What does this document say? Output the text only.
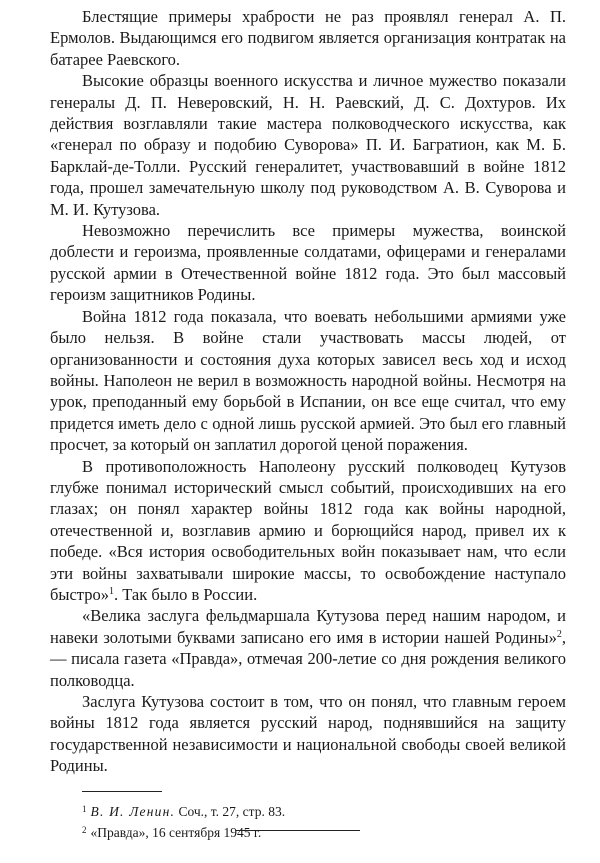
Блестящие примеры храбрости не раз проявлял генерал А. П. Ермолов. Выдающимся его подвигом является организация контратак на батарее Раевского.

Высокие образцы военного искусства и личное мужество показали генералы Д. П. Неверовский, Н. Н. Раевский, Д. С. Дохтуров. Их действия возглавляли такие мастера полководческого искусства, как «генерал по образу и подобию Суворова» П. И. Багратион, как М. Б. Барклай-де-Толли. Русский генералитет, участвовавший в войне 1812 года, прошел замечательную школу под руководством А. В. Суворова и М. И. Кутузова.

Невозможно перечислить все примеры мужества, воинской доблести и героизма, проявленные солдатами, офицерами и генералами русской армии в Отечественной войне 1812 года. Это был массовый героизм защитников Родины.

Война 1812 года показала, что воевать небольшими армиями уже было нельзя. В войне стали участвовать массы людей, от организованности и состояния духа которых зависел весь ход и исход войны. Наполеон не верил в возможность народной войны. Несмотря на урок, преподанный ему борьбой в Испании, он все еще считал, что ему придется иметь дело с одной лишь русской армией. Это был его главный просчет, за который он заплатил дорогой ценой поражения.

В противоположность Наполеону русский полководец Кутузов глубже понимал исторический смысл событий, происходивших на его глазах; он понял характер войны 1812 года как войны народной, отечественной и, возглавив армию и борющийся народ, привел их к победе. «Вся история освободительных войн показывает нам, что если эти войны захватывали широкие массы, то освобождение наступало быстро»$^1$. Так было в России.

«Велика заслуга фельдмаршала Кутузова перед нашим народом, и навеки золотыми буквами записано его имя в истории нашей Родины»$^2$,— писала газета «Правда», отмечая 200-летие со дня рождения великого полководца.

Заслуга Кутузова состоит в том, что он понял, что главным героем войны 1812 года является русский народ, поднявшийся на защиту государственной независимости и национальной свободы своей великой Родины.

$^1$ В. И. Ленин. Соч., т. 27, стр. 83.

$^2$ «Правда», 16 сентября 1945 г.
